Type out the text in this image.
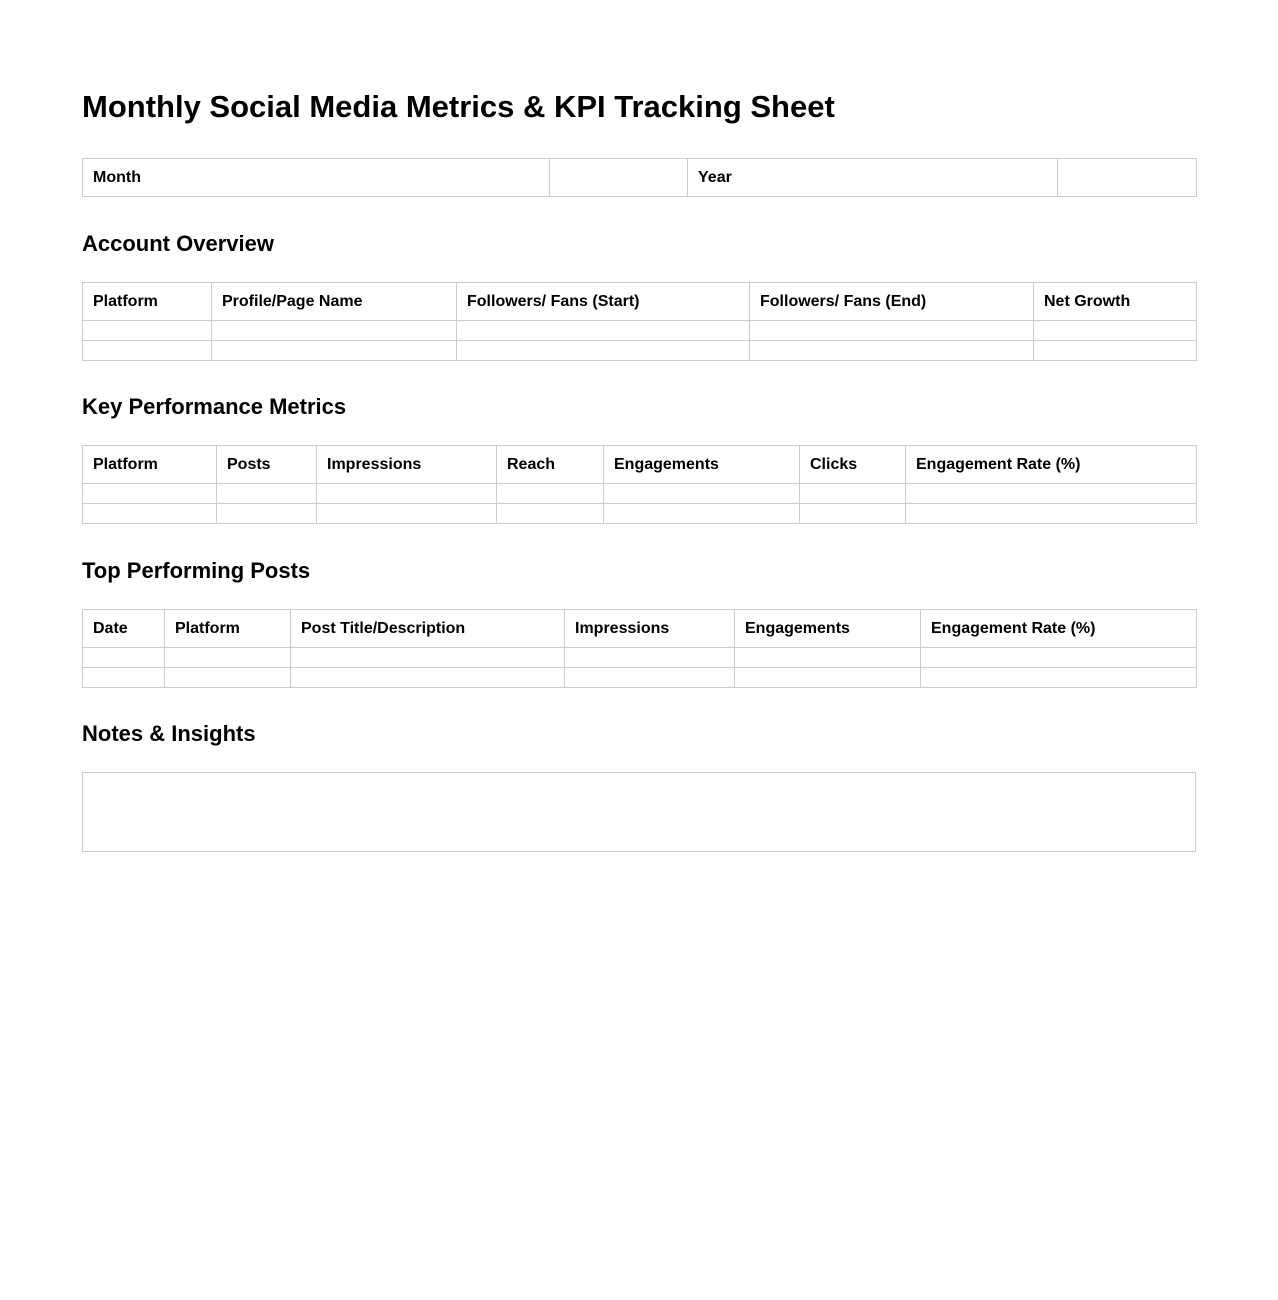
Monthly Social Media Metrics & KPI Tracking Sheet
Month		Year	
Account Overview
Platform	Profile/Page Name	Followers/ Fans (Start)	Followers/ Fans (End)	Net Growth

Key Performance Metrics
Platform	Posts	Impressions	Reach	Engagements	Clicks	Engagement Rate (%)

Top Performing Posts
Date	Platform	Post Title/Description	Impressions	Engagements	Engagement Rate (%)

Notes & Insights
